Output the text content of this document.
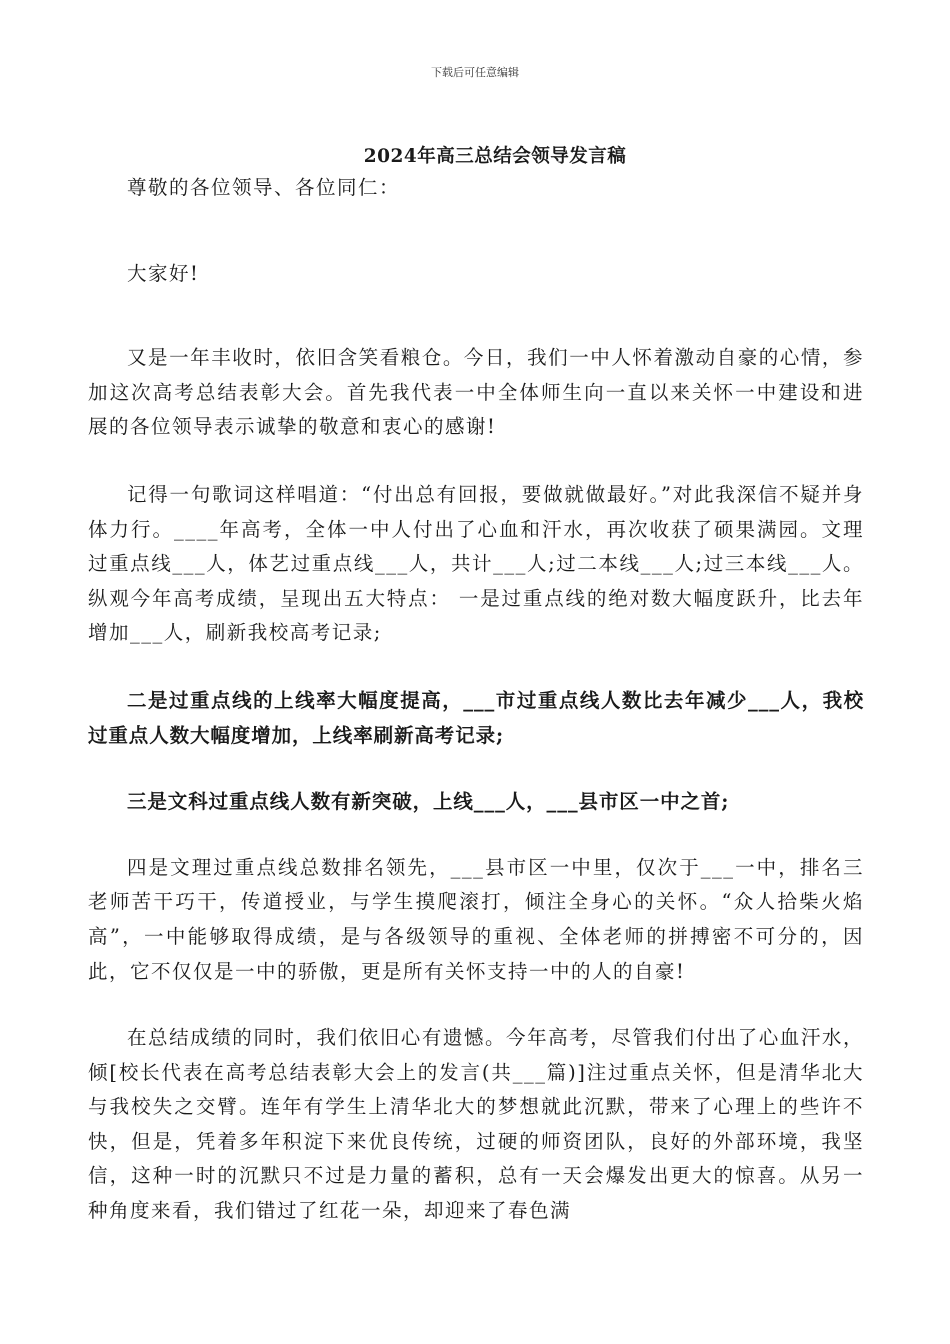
下载后可任意编辑
2024年高三总结会领导发言稿

尊敬的各位领导、各位同仁：

大家好!

又是一年丰收时，依旧含笑看粮仓。今日，我们一中人怀着激动自豪的心情，参加这次高考总结表彰大会。首先我代表一中全体师生向一直以来关怀一中建设和进展的各位领导表示诚挚的敬意和衷心的感谢!

记得一句歌词这样唱道：“付出总有回报，要做就做最好。”对此我深信不疑并身体力行。____年高考，全体一中人付出了心血和汗水，再次收获了硕果满园。文理过重点线___人，体艺过重点线___人，共计___人;过二本线___人;过三本线___人。纵观今年高考成绩，呈现出五大特点： 一是过重点线的绝对数大幅度跃升，比去年增加___人，刷新我校高考记录;

二是过重点线的上线率大幅度提高，___市过重点线人数比去年减少___人，我校过重点人数大幅度增加，上线率刷新高考记录;

三是文科过重点线人数有新突破，上线___人，___县市区一中之首;

四是文理过重点线总数排名领先，___县市区一中里，仅次于___一中，排名三老师苦干巧干，传道授业，与学生摸爬滚打，倾注全身心的关怀。“众人拾柴火焰高”，一中能够取得成绩，是与各级领导的重视、全体老师的拼搏密不可分的，因此，它不仅仅是一中的骄傲，更是所有关怀支持一中的人的自豪!

在总结成绩的同时，我们依旧心有遗憾。今年高考，尽管我们付出了心血汗水，倾[校长代表在高考总结表彰大会上的发言(共___篇)]注过重点关怀，但是清华北大与我校失之交臂。连年有学生上清华北大的梦想就此沉默，带来了心理上的些许不快，但是，凭着多年积淀下来优良传统，过硬的师资团队，良好的外部环境，我坚信，这种一时的沉默只不过是力量的蓄积，总有一天会爆发出更大的惊喜。从另一种角度来看，我们错过了红花一朵，却迎来了春色满
